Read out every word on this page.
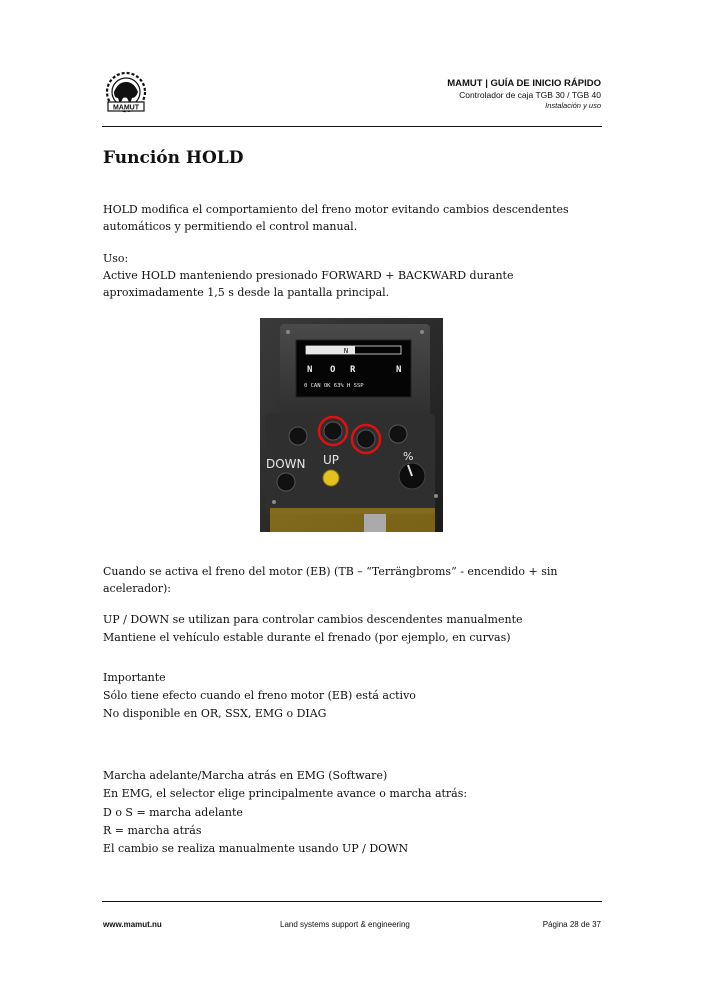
MAMUT
MAMUT | GUÍA DE INICIO RÁPIDO
Controlador de caja TGB 30 / TGB 40
Instalación y uso
Función HOLD
HOLD modifica el comportamiento del freno motor evitando cambios descendentes automáticos y permitiendo el control manual.
Uso:
Active HOLD manteniendo presionado FORWARD + BACKWARD durante aproximadamente 1,5 s desde la pantalla principal.
N
N O R	N
0 CAN OK 63% H SSP
DOWN UP	%
Cuando se activa el freno del motor (EB) (TB – “Terrängbroms” - encendido + sin acelerador):
UP / DOWN se utilizan para controlar cambios descendentes manualmente
Mantiene el vehículo estable durante el frenado (por ejemplo, en curvas)
Importante
Sólo tiene efecto cuando el freno motor (EB) está activo
No disponible en OR, SSX, EMG o DIAG
Marcha adelante/Marcha atrás en EMG (Software)
En EMG, el selector elige principalmente avance o marcha atrás:
D o S = marcha adelante
R = marcha atrás
El cambio se realiza manualmente usando UP / DOWN
www.mamut.nu	Land systems support & engineering	Página 28 de 37
